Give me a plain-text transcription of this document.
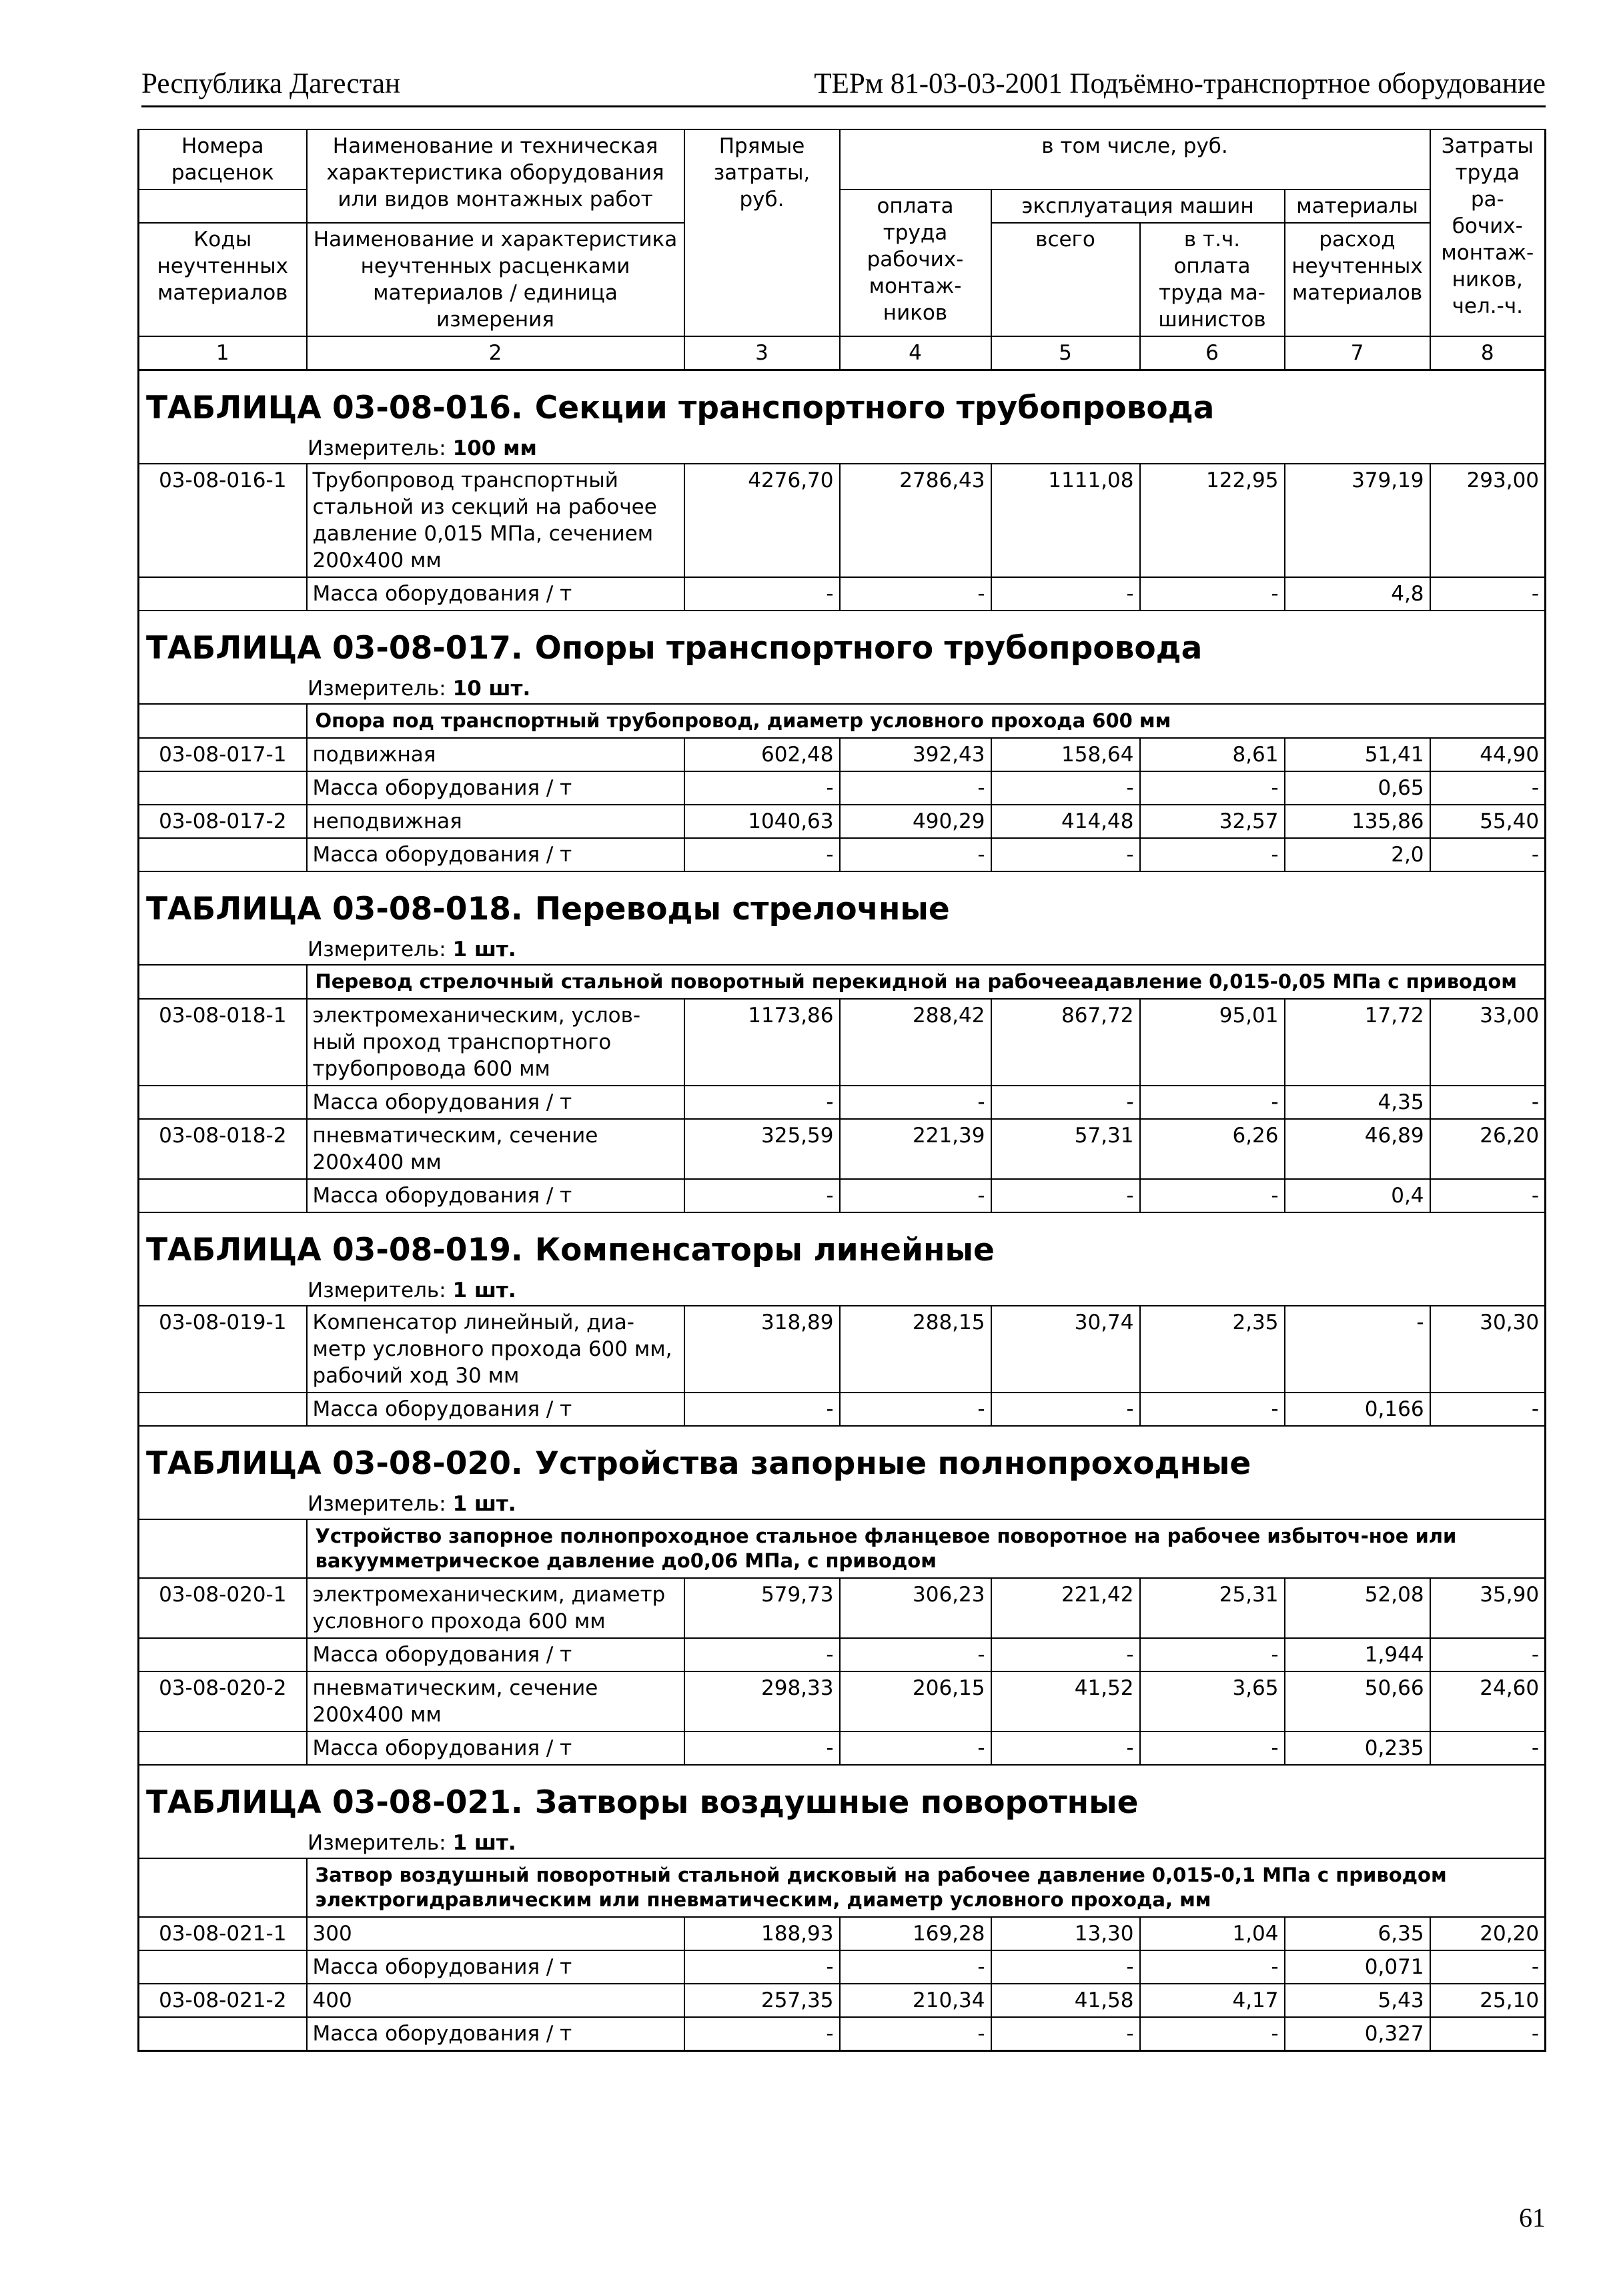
Республика Дагестан	ТЕРм 81-03-03-2001 Подъёмно-транспортное оборудование
Номера расценок	Наименование и техническая характеристика оборудования или видов монтажных работ	Прямые затраты, руб.	в том числе, руб.				Затраты труда ра-бочих-монтаж-ников, чел.-ч.
			оплата труда рабочих-монтаж-ников	эксплуатация машин		материалы	
Коды неучтенных материалов	Наименование и характеристика неучтенных расценками материалов / единица измерения			всего	в т.ч. оплата труда ма-шинистов	расход неучтенных материалов	

1	2	3	4	5	6	7	8

ТАБЛИЦА 03-08-016. Секции транспортного трубопровода							

Измеритель: 100 мм							

03-08-016-1	Трубопровод транспортный стальной из секций на рабочее давление 0,015 МПа, сечением 200х400 мм	4276,70	2786,43	1111,08	122,95	379,19	293,00
	Масса оборудования / т	-	-	-	-	4,8	-

ТАБЛИЦА 03-08-017. Опоры транспортного трубопровода							

Измеритель: 10 шт.							

	Опора под транспортный трубопровод, диаметр условного прохода 600 мм						

03-08-017-1	подвижная	602,48	392,43	158,64	8,61	51,41	44,90
	Масса оборудования / т	-	-	-	-	0,65	-
03-08-017-2	неподвижная	1040,63	490,29	414,48	32,57	135,86	55,40
	Масса оборудования / т	-	-	-	-	2,0	-

ТАБЛИЦА 03-08-018. Переводы стрелочные							

Измеритель: 1 шт.							

	Перевод стрелочный стальной поворотный перекидной на рабочееадавление 0,015-0,05 МПа с приводом						

03-08-018-1	электромеханическим, услов-ный проход транспортного трубопровода 600 мм	1173,86	288,42	867,72	95,01	17,72	33,00
	Масса оборудования / т	-	-	-	-	4,35	-
03-08-018-2	пневматическим, сечение 200х400 мм	325,59	221,39	57,31	6,26	46,89	26,20
	Масса оборудования / т	-	-	-	-	0,4	-

ТАБЛИЦА 03-08-019. Компенсаторы линейные							

Измеритель: 1 шт.							

03-08-019-1	Компенсатор линейный, диа-метр условного прохода 600 мм, рабочий ход 30 мм	318,89	288,15	30,74	2,35	-	30,30
	Масса оборудования / т	-	-	-	-	0,166	-

ТАБЛИЦА 03-08-020. Устройства запорные полнопроходные							

Измеритель: 1 шт.							

	Устройство запорное полнопроходное стальное фланцевое поворотное на рабочее избыточ-ное или вакуумметрическое давление до0,06 МПа, с приводом						

03-08-020-1	электромеханическим, диаметр условного прохода 600 мм	579,73	306,23	221,42	25,31	52,08	35,90
	Масса оборудования / т	-	-	-	-	1,944	-
03-08-020-2	пневматическим, сечение 200х400 мм	298,33	206,15	41,52	3,65	50,66	24,60
	Масса оборудования / т	-	-	-	-	0,235	-

ТАБЛИЦА 03-08-021. Затворы воздушные поворотные							

Измеритель: 1 шт.							

	Затвор воздушный поворотный стальной дисковый на рабочее давление 0,015-0,1 МПа с приводом электрогидравлическим или пневматическим, диаметр условного прохода, мм						

03-08-021-1	300	188,93	169,28	13,30	1,04	6,35	20,20
	Масса оборудования / т	-	-	-	-	0,071	-
03-08-021-2	400	257,35	210,34	41,58	4,17	5,43	25,10
	Масса оборудования / т	-	-	-	-	0,327	-
61
